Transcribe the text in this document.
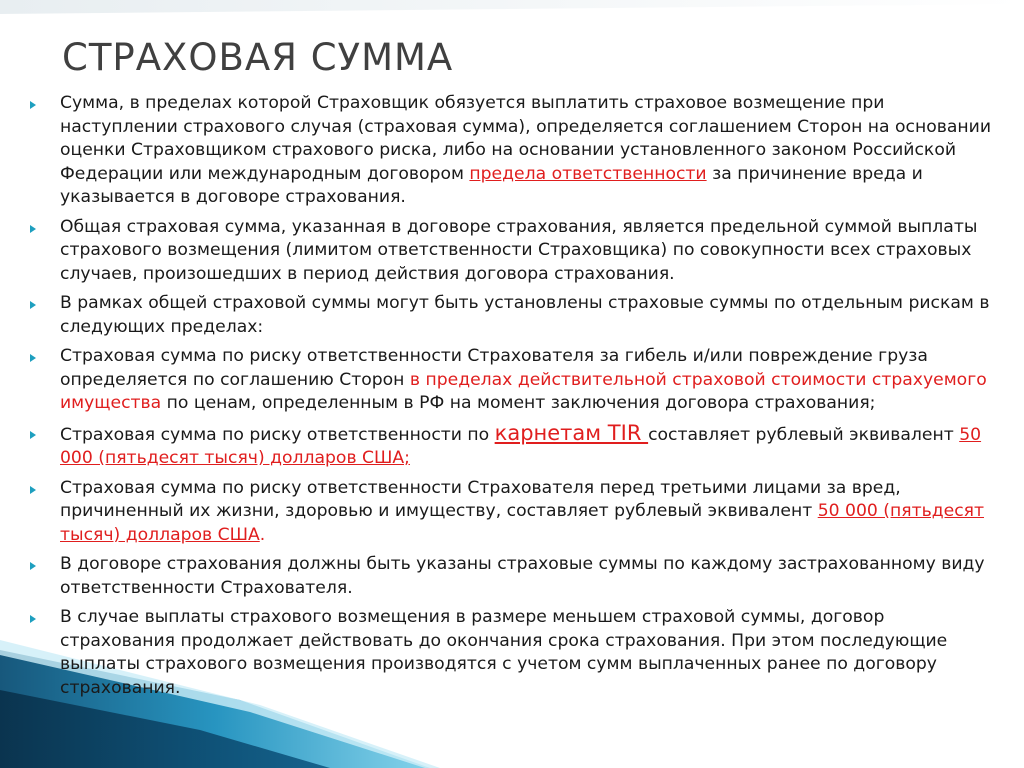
СТРАХОВАЯ СУММА
Сумма, в пределах которой Страховщик обязуется выплатить страховое возмещение при наступлении страхового случая (страховая сумма), определяется соглашением Сторон на основании оценки Страховщиком страхового риска, либо на основании установленного законом Российской Федерации или международным договором предела ответственности за причинение вреда и указывается в договоре страхования.
Общая страховая сумма, указанная в договоре страхования, является предельной суммой выплаты страхового возмещения (лимитом ответственности Страховщика) по совокупности всех страховых случаев, произошедших в период действия договора страхования.
В рамках общей страховой суммы могут быть установлены страховые суммы по отдельным рискам в следующих пределах:
Страховая сумма по риску ответственности Страхователя за гибель и/или повреждение груза определяется по соглашению Сторон в пределах действительной страховой стоимости страхуемого имущества по ценам, определенным в РФ на момент заключения договора страхования;
Страховая сумма по риску ответственности по карнетам TIR составляет рублевый эквивалент 50 000 (пятьдесят тысяч) долларов США;
Страховая сумма по риску ответственности Страхователя перед третьими лицами за вред, причиненный их жизни, здоровью и имуществу, составляет рублевый эквивалент 50 000 (пятьдесят тысяч) долларов США.
В договоре страхования должны быть указаны страховые суммы по каждому застрахованному виду ответственности Страхователя.
В случае выплаты страхового возмещения в размере меньшем страховой суммы, договор страхования продолжает действовать до окончания срока страхования. При этом последующие выплаты страхового возмещения производятся с учетом сумм выплаченных ранее по договору страхования.
